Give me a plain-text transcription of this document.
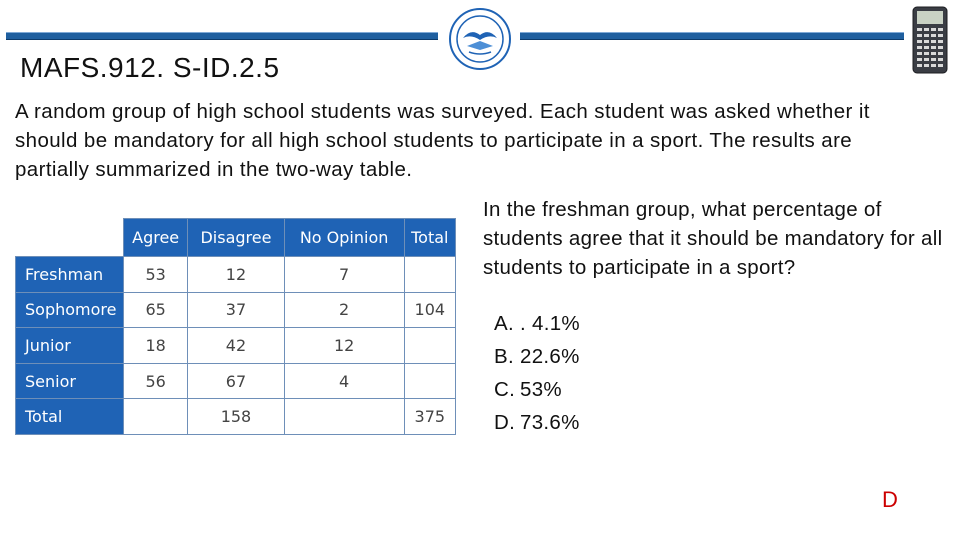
MAFS.912. S-ID.2.5
A random group of high school students was surveyed. Each student was asked whether it should be mandatory for all high school students to participate in a sport. The results are partially summarized in the two-way table.
	Agree	Disagree	No Opinion	Total
Freshman	53	12	7	
Sophomore	65	37	2	104
Junior	18	42	12	
Senior	56	67	4	
Total		158		375
In the freshman group, what percentage of students agree that it should be mandatory for all students to participate in a sport?
A. . 4.1%
B. 22.6%
C. 53%
D. 73.6%
D
